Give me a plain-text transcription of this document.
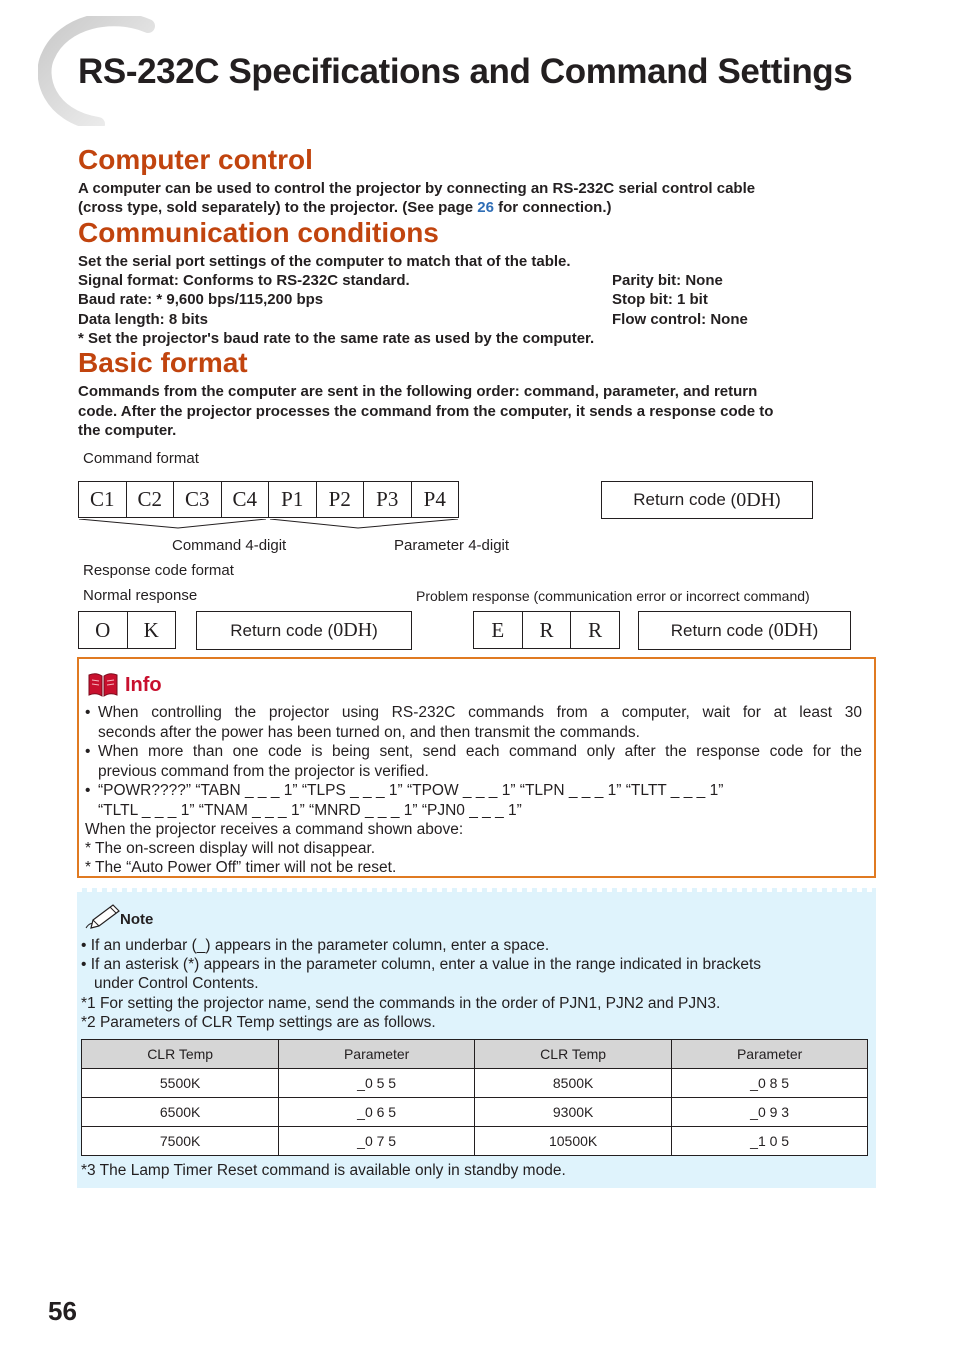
RS-232C Specifications and Command Settings
Computer control
A computer can be used to control the projector by connecting an RS-232C serial control cable
(cross type, sold separately) to the projector. (See page 26 for connection.)
Communication conditions
Set the serial port settings of the computer to match that of the table.
Signal format: Conforms to RS-232C standard.
Baud rate: * 9,600 bps/115,200 bps
Data length: 8 bits
Parity bit: None
Stop bit: 1 bit
Flow control: None
* Set the projector's baud rate to the same rate as used by the computer.
Basic format
Commands from the computer are sent in the following order: command, parameter, and return
code. After the projector processes the command from the computer, it sends a response code to
the computer.
Command format
C1	C2	C3	C4	P1	P2	P3	P4	Return code ( 0DH )
Command 4-digit	Parameter 4-digit
Response code format
Normal response	Problem response (communication error or incorrect command)
O	K	Return code ( 0DH )	E	R	R	Return code ( 0DH )
Info
• When controlling the projector using RS-232C commands from a computer, wait for at least 30
seconds after the power has been turned on, and then transmit the commands.
• When more than one code is being sent, send each command only after the response code for the
previous command from the projector is verified.
• “POWR????” “TABN _ _ _ 1” “TLPS _ _ _ 1” “TPOW _ _ _ 1” “TLPN _ _ _ 1” “TLTT _ _ _ 1”
“TLTL _ _ _ 1” “TNAM _ _ _ 1” “MNRD _ _ _ 1” “PJN0 _ _ _ 1”
When the projector receives a command shown above:
* The on-screen display will not disappear.
* The “Auto Power Off” timer will not be reset.
Note
• If an underbar (_) appears in the parameter column, enter a space.
• If an asterisk (*) appears in the parameter column, enter a value in the range indicated in brackets
under Control Contents.
*1 For setting the projector name, send the commands in the order of PJN1, PJN2 and PJN3.
*2 Parameters of CLR Temp settings are as follows.
CLR Temp	Parameter	CLR Temp	Parameter
5500K	_0 5 5	8500K	_0 8 5
6500K	_0 6 5	9300K	_0 9 3
7500K	_0 7 5	10500K	_1 0 5
*3 The Lamp Timer Reset command is available only in standby mode.
56
